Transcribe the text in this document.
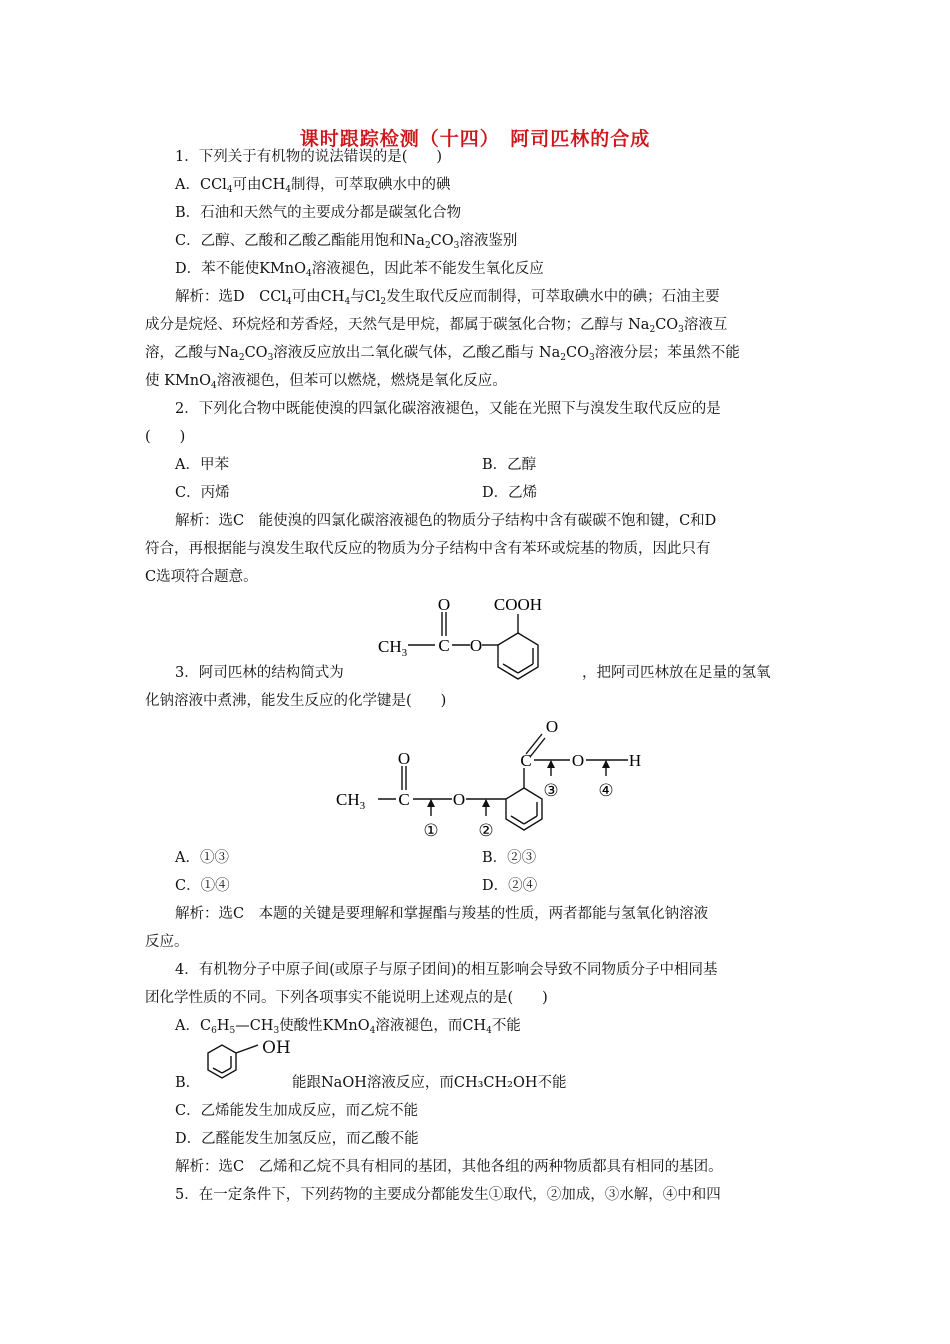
课时跟踪检测（十四）　阿司匹林的合成
1．下列关于有机物的说法错误的是(　　)
A．CCl$_4$可由$CH_4$制得，可萃取碘水中的碘
B．石油和天然气的主要成分都是碳氢化合物
C．乙醇、乙酸和乙酸乙酯能用饱和$Na_2CO_3$溶液鉴别
D．苯不能使KMnO$_4$溶液褪色，因此苯不能发生氧化反应
解析：选D　CCl$_4$可由$CH_4$与$Cl_2$发生取代反应而制得，可萃取碘水中的碘；石油主要
成分是烷烃、环烷烃和芳香烃，天然气是甲烷，都属于碳氢化合物；乙醇与 $Na_2CO_3$溶液互
溶，乙酸与$Na_2CO_3$溶液反应放出二氧化碳气体，乙酸乙酯与 $Na_2CO_3$溶液分层；苯虽然不能
使 KMnO$_4$溶液褪色，但苯可以燃烧，燃烧是氧化反应。
2．下列化合物中既能使溴的四氯化碳溶液褪色，又能在光照下与溴发生取代反应的是
(　　)
A．甲苯	B．乙醇
C．丙烯	D．乙烯
解析：选C　能使溴的四氯化碳溶液褪色的物质分子结构中含有碳碳不饱和键，C和D
符合，再根据能与溴发生取代反应的物质为分子结构中含有苯环或烷基的物质，因此只有
C选项符合题意。
O	COOH
$CH_3$ C O
3．阿司匹林的结构简式为	，把阿司匹林放在足量的氢氧
化钠溶液中煮沸，能发生反应的化学键是(　　)
O
O
C O	H
$CH_3$ C	O
① ②
③ ④
A．①③	B．②③
C．①④	D．②④
解析：选C　本题的关键是要理解和掌握酯与羧基的性质，两者都能与氢氧化钠溶液
反应。
4．有机物分子中原子间(或原子与原子团间)的相互影响会导致不同物质分子中相同基
团化学性质的不同。下列各项事实不能说明上述观点的是(　　)
A．$C_6H_5—CH_3$使酸性KMnO$_4$溶液褪色，而$CH_4$不能
OH
B．	能跟NaOH溶液反应，而CH₃CH₂OH不能
C．乙烯能发生加成反应，而乙烷不能
D．乙醛能发生加氢反应，而乙酸不能
解析：选C　乙烯和乙烷不具有相同的基团，其他各组的两种物质都具有相同的基团。
5．在一定条件下，下列药物的主要成分都能发生①取代，②加成，③水解，④中和四
